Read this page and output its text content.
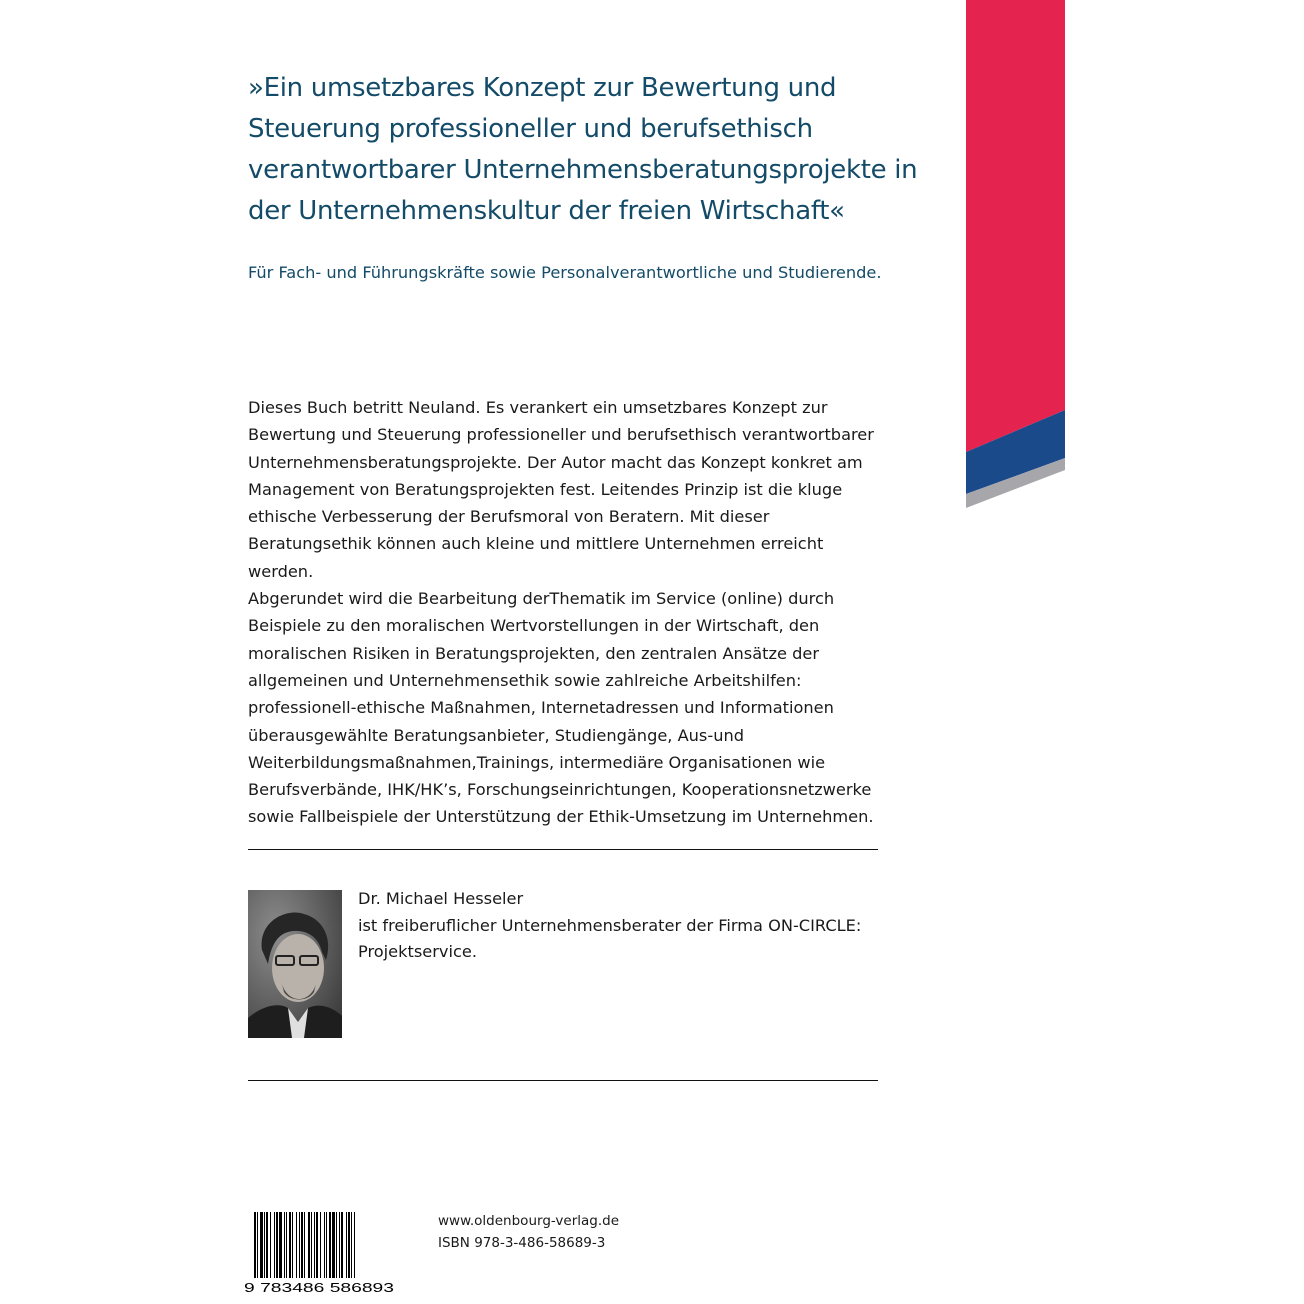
»Ein umsetzbares Konzept zur Bewertung und Steuerung professioneller und berufsethisch verantwortbarer Unternehmensberatungsprojekte in der Unternehmenskultur der freien Wirtschaft«

Für Fach- und Führungskräfte sowie Personalverantwortliche und Studierende.

Dieses Buch betritt Neuland. Es verankert ein umsetzbares Konzept zur Bewertung und Steuerung professioneller und berufsethisch verantwortbarer Unternehmensberatungsprojekte. Der Autor macht das Konzept konkret am Management von Beratungsprojekten fest. Leitendes Prinzip ist die kluge ethische Verbesserung der Berufsmoral von Beratern. Mit dieser Beratungsethik können auch kleine und mittlere Unternehmen erreicht werden.
Abgerundet wird die Bearbeitung derThematik im Service (online) durch Beispiele zu den moralischen Wertvorstellungen in der Wirtschaft, den moralischen Risiken in Beratungsprojekten, den zentralen Ansätze der allgemeinen und Unternehmensethik sowie zahlreiche Arbeitshilfen: professionell-ethische Maßnahmen, Internetadressen und Informationen überausgewählte Beratungsanbieter, Studiengänge, Aus-und Weiterbildungsmaßnahmen,Trainings, intermediäre Organisationen wie Berufsverbände, IHK/HK’s, Forschungseinrichtungen, Kooperationsnetzwerke sowie Fallbeispiele der Unterstützung der Ethik-Umsetzung im Unternehmen.

Dr. Michael Hesseler
ist freiberuflicher Unternehmensberater der Firma ON-CIRCLE: Projektservice.

9 783486 586893
www.oldenbourg-verlag.de
ISBN 978-3-486-58689-3
